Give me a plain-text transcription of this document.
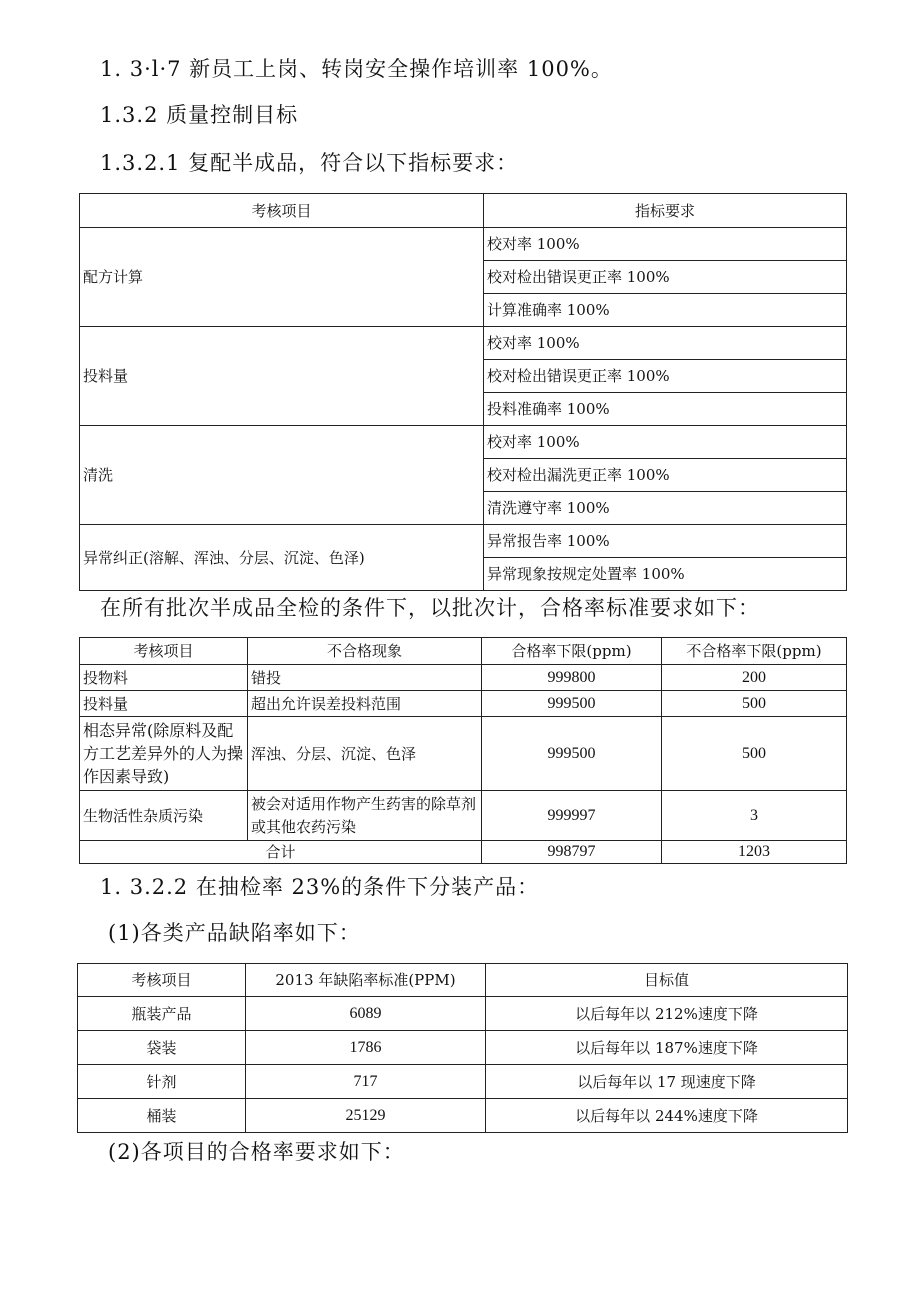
1. 3·l·7 新员工上岗、转岗安全操作培训率 100%。
1.3.2 质量控制目标
1.3.2.1 复配半成品，符合以下指标要求：
考核项目	指标要求
配方计算	校对率 100%
	校对检出错误更正率 100%
	计算准确率 100%
投料量	校对率 100%
	校对检出错误更正率 100%
	投料准确率 100%
清洗	校对率 100%
	校对检出漏洗更正率 100%
	清洗遵守率 100%
异常纠正(溶解、浑浊、分层、沉淀、色泽)	异常报告率 100%
	异常现象按规定处置率 100%
在所有批次半成品全检的条件下，以批次计，合格率标准要求如下：
考核项目	不合格现象	合格率下限(ppm)	不合格率下限(ppm)
投物料	错投	999800	200
投料量	超出允许误差投料范围	999500	500
相态异常(除原料及配方工艺差异外的人为操作因素导致)	浑浊、分层、沉淀、色泽	999500	500
生物活性杂质污染	被会对适用作物产生药害的除草剂或其他农药污染	999997	3
合计		998797	1203
1. 3.2.2 在抽检率 23%的条件下分装产品：
(1)各类产品缺陷率如下：
考核项目	2013 年缺陷率标准(PPM)	目标值
瓶装产品	6089	以后每年以 212%速度下降
袋装	1786	以后每年以 187%速度下降
针剂	717	以后每年以 17 现速度下降
桶装	25129	以后每年以 244%速度下降
(2)各项目的合格率要求如下：
